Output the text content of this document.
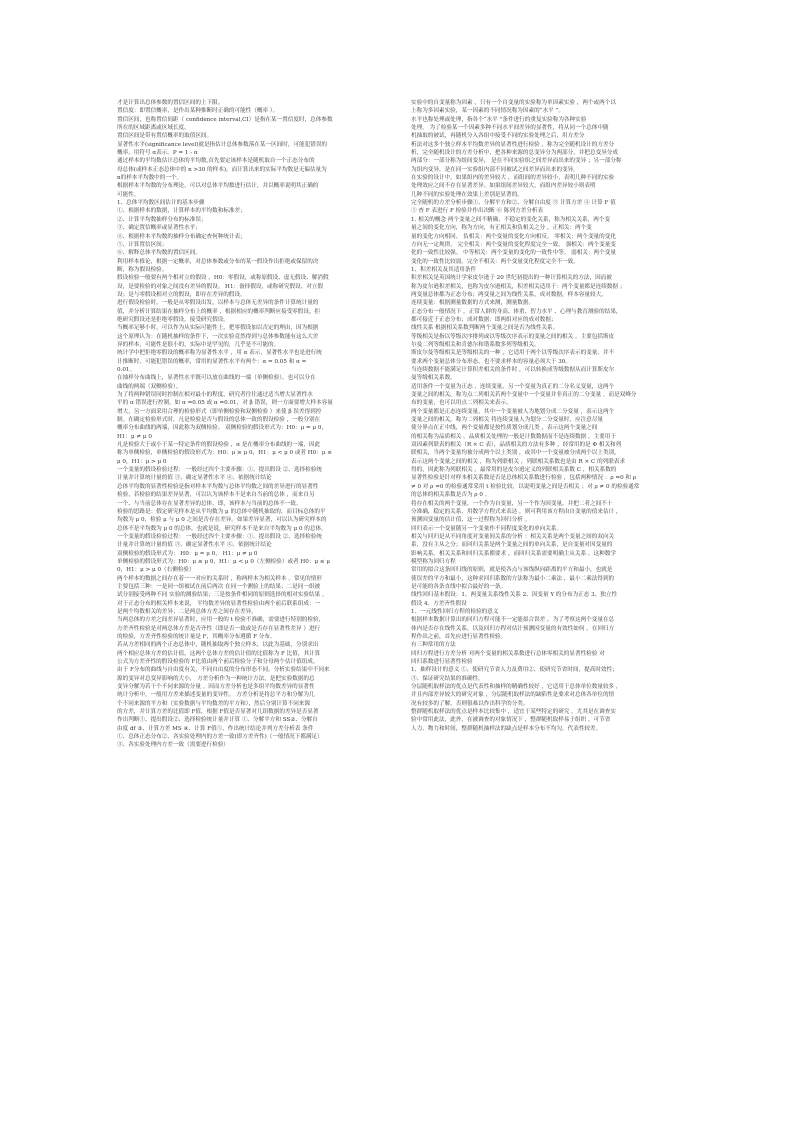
才是计算出总体参数的置信区间的上下限。

置信度：即置信概率，是作出某种推断时正确的可能性（概率 ）。

置信区间，也称置信间距（ confidence interval,CI）是指在某一置信度时，总体参数

所在的区域距离或区域长度。

置信区间是带有置信概率的取值区间。

显著性水平(significance level)就是指估计总体参数落在某一区间时，可能犯错误的

概率，用符号 α表示。P = 1 - α

通过样本的平均数估计总体的平均数,首先要定该样本是随机取自一个正态分布的

母总体(或样本正态总体中的 n >30 的样本)，而计算出来的实际平均数是无偏估量为

n的样本平均数中的一个。

根据样本平均数的分布理论，可以对总体平均数进行估计，并以概率说明其正确的

可能性。

1、总体平均数区间估计的基本步骤

①、根据样本的数据，计算样本的平均数和标准差；

②、计算平均数抽样分布的标准误；

③、确定置信概率或显著性水平；

④、根据样本平均数的抽样分布确定查何种统计表；

⑤、计算置信区间；

⑥、解释总体平均数的置信区间。

利用样本推论，根据一定概率，对总体参数或分布的某一假设作出拒绝或保留的决

断，称为假设检验。

假设检验一般要有两个相对立的假设 ，H0：零假设，或称原假设、虚无假设、解消假

设，是要检验的对象之间没有差异的假设。 H1：备择假设，或称研究假设、对立假

设；是与零假设相对立的假设，即存在差异的假设。

进行假设检验时，一般是从零假设出发，以样本与总体无差异的条件计算统计量的

值，并分析计算结果在抽样分布上的概率 ，根据相应的概率判断应接受零假设，拒

绝研究假设还是拒绝零假设，接受研究假设。

当概率足够小时，可以作为从实际可能性上，把零假设加以否定的理由，因为根据

这个原理认为：在随机抽样的条件下，一次实验竟然得到与总体参数能有这么大差

异的样本，可能性是很小的，实际中是罕见的，几乎是不可能的。

统计学中把拒绝零假设的概率称为显著性水平 ，用 α 表示，显著性水平也是进行统

计推断时，可能犯错误的概率，常用的显著性水平有两个：α = 0.05 和 α =

0.01。

在抽样分布曲线上，显著性水平既可以放在曲线的一端（单侧检验），也可以分在

曲线的两端（双侧检验）。

为了将两种错误同时控制在相对最小的程度，研究者往往通过适当增大显著性水

平的 α 错误进行控制，如 α =0.05 或 α =0.01，对 β 错误，则一方面要增大样本容量

增大，另一方面采用合理的检验形式（即单侧检验和双侧检验 ）来使 β 误差得到控

制。在确定检验形式时，凡是检验是否与假设的总体一致的假设检验 ，一般分别在

概率分布曲线的两端，因此称为双侧检验。 双侧检验的假设形式为：H0：μ = μ 0，

H1：μ ≠ μ 0

凡是检验大于或小于某一特定条件的假设检验 ，α 是在概率分布曲线的一端，因此

称为单侧检验，单侧检验的假设形式为：H0：μ ≥ μ 0，H1：μ < μ 0 或者 H0：μ ≤

μ 0，H1：μ > μ 0

一个变量的假设检验过程： 一般经过四个主要步骤：①、提出假设 ②、选择检验统

计量并计算统计量的值 ③、确定显著性水平 ④、依据统计结论

总体平均数的显著性检验是指对样本平均数与总体平均数之间的差异进行的显著性

检验，若检验的结果差异显著，可以认为该样本不是来自当前的总体 ，而来自另

一个、与当前总体存在显著差异的总体，即，该样本与当前的总体不一致。

检验的思路是：假定研究样本是从平均数为 μ 的总体中随机抽取的，而目标总体的平

均数为 μ 0，检验 μ 与 μ 0 之间是否存在差异。如果差异显著，可以认为研究样本的

总体不是平均数为 μ 0 的总体，也就是说，研究样本不是来自平均数为 μ 0 的总体。

一个变量的假设检验过程： 一般经过四个主要步骤：①、提出假设 ②、选择检验统

计量并计算统计量的值 ③、确定显著性水平 ④、依据统计结论

双侧检验的假设形式为： H0：μ = μ 0， H1：μ ≠ μ 0

单侧检验的假设形式为：H0：μ ≥ μ 0，H1：μ < μ 0（左侧检验）或者 H0：μ ≤ μ

0，H1：μ > μ 0（右侧检验）

两个样本的数据之间存在着一一对应的关系时 ，称两样本为相关样本 。常见的情形

主要包括三种：一是同一组被试在前后两次 在同一个测验上的结果；二是同一组被

试分别接受两种不同 实验的测验结果；三是按条件相同的原则选择的相对实验结果 。

对于正态分布的相关样本来说， 平均数差异的显著性检验由两个前后联系组成：一

是两个均数相关的差异；二是两总体方差之间存在差异。

当两总体的方差之间差异显著时，应用一般的 t 检验不准确，需要进行特别的检验，

方差齐性检验是对两总体方差是否齐性（即是否一致或是否存在显著性差异 ）进行

的检验，方差齐性检验的统计量是 F，其概率分布遵循 F 分布。

若从方差相同的两个正态总体中，随机抽取两个独立样本，以此为基础，分别求出

两个相应总体方差的估计值，这两个总体方差的估计值的比值称为 F 比值，其计算

公式为方差齐性的假设检验的 F比值由两个前后检验分子和分母两个估计值组成。

由于 F分布的曲线与自由度有关，不同自由度的分布形态不同。分析实验结果中不同来

源的变异对总变异影响的大小， 方差分析作为一种统计方法，是把实验数据的总

变异分解为若干个不同来源的分量 。因而方差分析也是多组平均数差异的显著性

统计分析中，一般用方差来描述变量的变异性。 方差分析是将总平方和分解为几

个不同来源的平方和（实验数据与平均数差的平方和），然后分别计算不同来源

的方差，并计算方差的比值即 F值，根据 F值是否显著对几组数据的差异是否显著

作出判断①、提出假设②、选择检验统计量并计算 ①、分解平方和 SS②、分解自

由度 df ③、计算方差 MS ④、计算 F值⑤、作出统计结论并列方差分析表 条件

①、总体正态分布②、各实验处理内的方差一致(即方差齐性)（一般情况下都满足）

③、各实验处理内方差一致（需要进行检验）

实验中的自变量称为因素 ，只有一个自变量的实验称为单因素实验 ，两个或两个以

上称为多因素实验，某一因素的不同情况称为因素的“水平 ”。

水平也称处理或处理，指各个“水平 ”条件进行的重复实验称为各种实验

处理。 为了检验某一个因素多种不同水平间差异的显著性，将从同一个总体中随

机抽取的被试，再随机分入各组中接受不同的实验处理之后，用方差分

析法对这多个独立样本平均数差异的显著性进行检验 ，称为完全随机设计的方差分

析，完全随机设计的方差分析中，把各种来源的总变异分为两部分，并把总变异分成

两部分：一部分称为组间变异， 是在不同实验组之间差异而出来的变异 ；另一部分称

为组内变异，是在同一实验组内部不同被试之间差异而出来的变异。

在实验的设计中，如果组内的差异较大 ，而组间的差异较小，表明几种不同的实验

处理效应之间不存在显著差异。如果组间差异较大，而组内差异较小则表明

几种不同的实验处理在效果上差别是显著的。

完全随机的方差分析步骤①、分解平方和②、分解自由度 ③ 计算方差 ④ 计算 F 值

⑤ 查 F 表进行 F 检验并作出决断 ⑥ 陈列方差分析表

1. 相关的概念 两个变量之间不精确、不稳定的变化关系，称为相关关系，两个变

量之间的变化方向，称为方向，有正相关和负相关之分 ，正相关：两个变

量的变化方向相同。 负相关：两个变量的变化方向相反。 零相关：两个变量的变化

方向无一定规律。 完全相关：两个变量的变化程度完全一致。 强相关：两个变量变

化的一致性比较强。 中等相关：两个变量的变化的一致性中等。 弱相关：两个变量

变化的一致性比较弱。完全不相关：两个变量变化程度完全不一致。

1、积差相关及其适用条件

积差相关是英国统计学家皮尔逊于 20 世纪初提出的一种计算相关的方法，因而被

称为皮尔逊积差相关，也称为皮尔逊相关，积差相关适用于：两个变量都是连续数据 ；

两变量总体都为正态分布；两变量之间为线性关系，成对数据，样本容量较大。

连续变量：根据测量数据的方式来测，测量数据。

正态分布一般情况下 ，正常人群的身高、体重、智力水平 、心理与教育测验的结果，

都可接近于正态分布；成对数据：即两组对应的成对数据；

线性关系 根据相关系数判断两个变量之间是否为线性关系。

等级相关是指以等级次序排列或以等级次序表示的变量之间的相关 。主要包括斯皮

尔曼二列等级相关和肯德尔和谐系数多列等级相关。

斯皮尔曼等级相关是等级相关的一种 ，它适用于两个以等级次序表示的变量，并不

要求两个变量总体分布形态，也不要求样本的容量必须大于 30。

当连续数据不能满足计算积差相关的条件时 ，可以转换成等级数据从而计算斯皮尔

曼等级相关系数。

适用条件一个变量为正态 、连续变量，另一个变量为真正的二分名义变量，这两个

变量之间的相关，称为点二列相关若两个变量中一个变量并非真正的二分变量 ，而是双峰分

布的变量，也可以用点二列相关来表示。

两个变量都是正态连续变量，其中一个变量被人为地划分成二分变量 ，表示这两个

变量之间的相关，称为二列相关 将连续变量人为划分二分变量时，应注意尽量

使分界点在正中线，两个变量都是按性质划分成几类 ，表示这两个变量之间

的相关称为品质相关 ，品质相关处理的一般是计数数据而不是连续数据 ，主要用于

双因素列联表的相关（R × C 表），品质相关的方法有多种 ，经常用的是 Φ 相关和列

联相关，当两个变量均被分成两个以上类别 ，或其中一个变量被分成两个以上类别，

表示这两个变量之间的相关 ，称为列联相关 ，列联相关系数也是由 R × C 的列联表求

得的，因此称为列联相关 ，最常用的是皮尔逊定义的列联相关系数 C ，相关系数的

显著性检验是针对样本相关系数是否是总体相关系数进行检验 ，包括两种情况 ：ρ =0 和 ρ

≠ 0 对 ρ =0 的检验通常采用 t 检验比较，以说明变量之间是否相关 ；对 ρ ≠ 0 的检验通常

的总体的相关系数是否为 ρ 0 。

将存在相关的两个变量，一个作为自变量，另一个作为因变量，并把二者之间不十

分准确，稳定的关系，用数学方程式来表达 ，则可利用该方程由自变量的值来估计 ，

预测因变量的估计值，这一过程称为回归分析 。

回归表示一个变量随另一个变量作不同程度变化的单向关系。

相关与回归是从不同角度对变量间关系的分析 ：相关关系是两个变量之间的双向关

系，没有主从之分；而回归关系是两个变量之间的单向关系，是自变量对因变量的

影响关系。相关关系和回归关系都要求 ，而回归关系需要明确主从关系 ，这种数学

模型称为回归方程

常用的拟合这条回归线的原则，就是使各点与该线纵向距离的平方和最小，也就是

使误差的平方和最小，这种求回归系数的方法称为最小二乘法 ，最小二乘法得到的

是可能的各条直线中拟合最好的一条。

线性回归基本假设：1、两变量关系线性关系 2、因变量 Y 的分布为正态 3、独立性

假设 4、方差齐性假设

1．一元线性回归方程的检验的意义

根据样本数据计算出的回归方程可能不一定能拟合误差 ，为了考察这两个变量在总

体内是否存在线性关系，以及回归方程对估计预测因变量的有效性如何 ，在回归方

程作出之前，首先应进行显著性检验。

有三种常用的方法

回归方程进行方差分析 对两个变量的相关系数进行总体零相关的显著性检验 对

回归系数进行显著性检验

1、抽样设计的意义 ①、使研究节省人力及费用②、使研究节省时间，提高时效性；

③、保证研究结果的准确性。

分层随机取样法的优点是代表性和抽样的精确性较好 ，它适用于总体单位数量较多 ，

并且内部差异较大的研究对象 ，分层随机取样法的缺陷性是要求对总体各单位的情

况有较多的了解，否则很难以作出科学的分类。

整群随机取样法的优点是样本比较集中 ，适宜于某些特定的研究 ，尤其是在调查实

验中常用此法，此外，在被调查的对象情况下 ，整群随机取样易于组织 ，可节省

人力、物力和时间，整群随机抽样法的缺点是样本分布不均匀，代表性较差。
